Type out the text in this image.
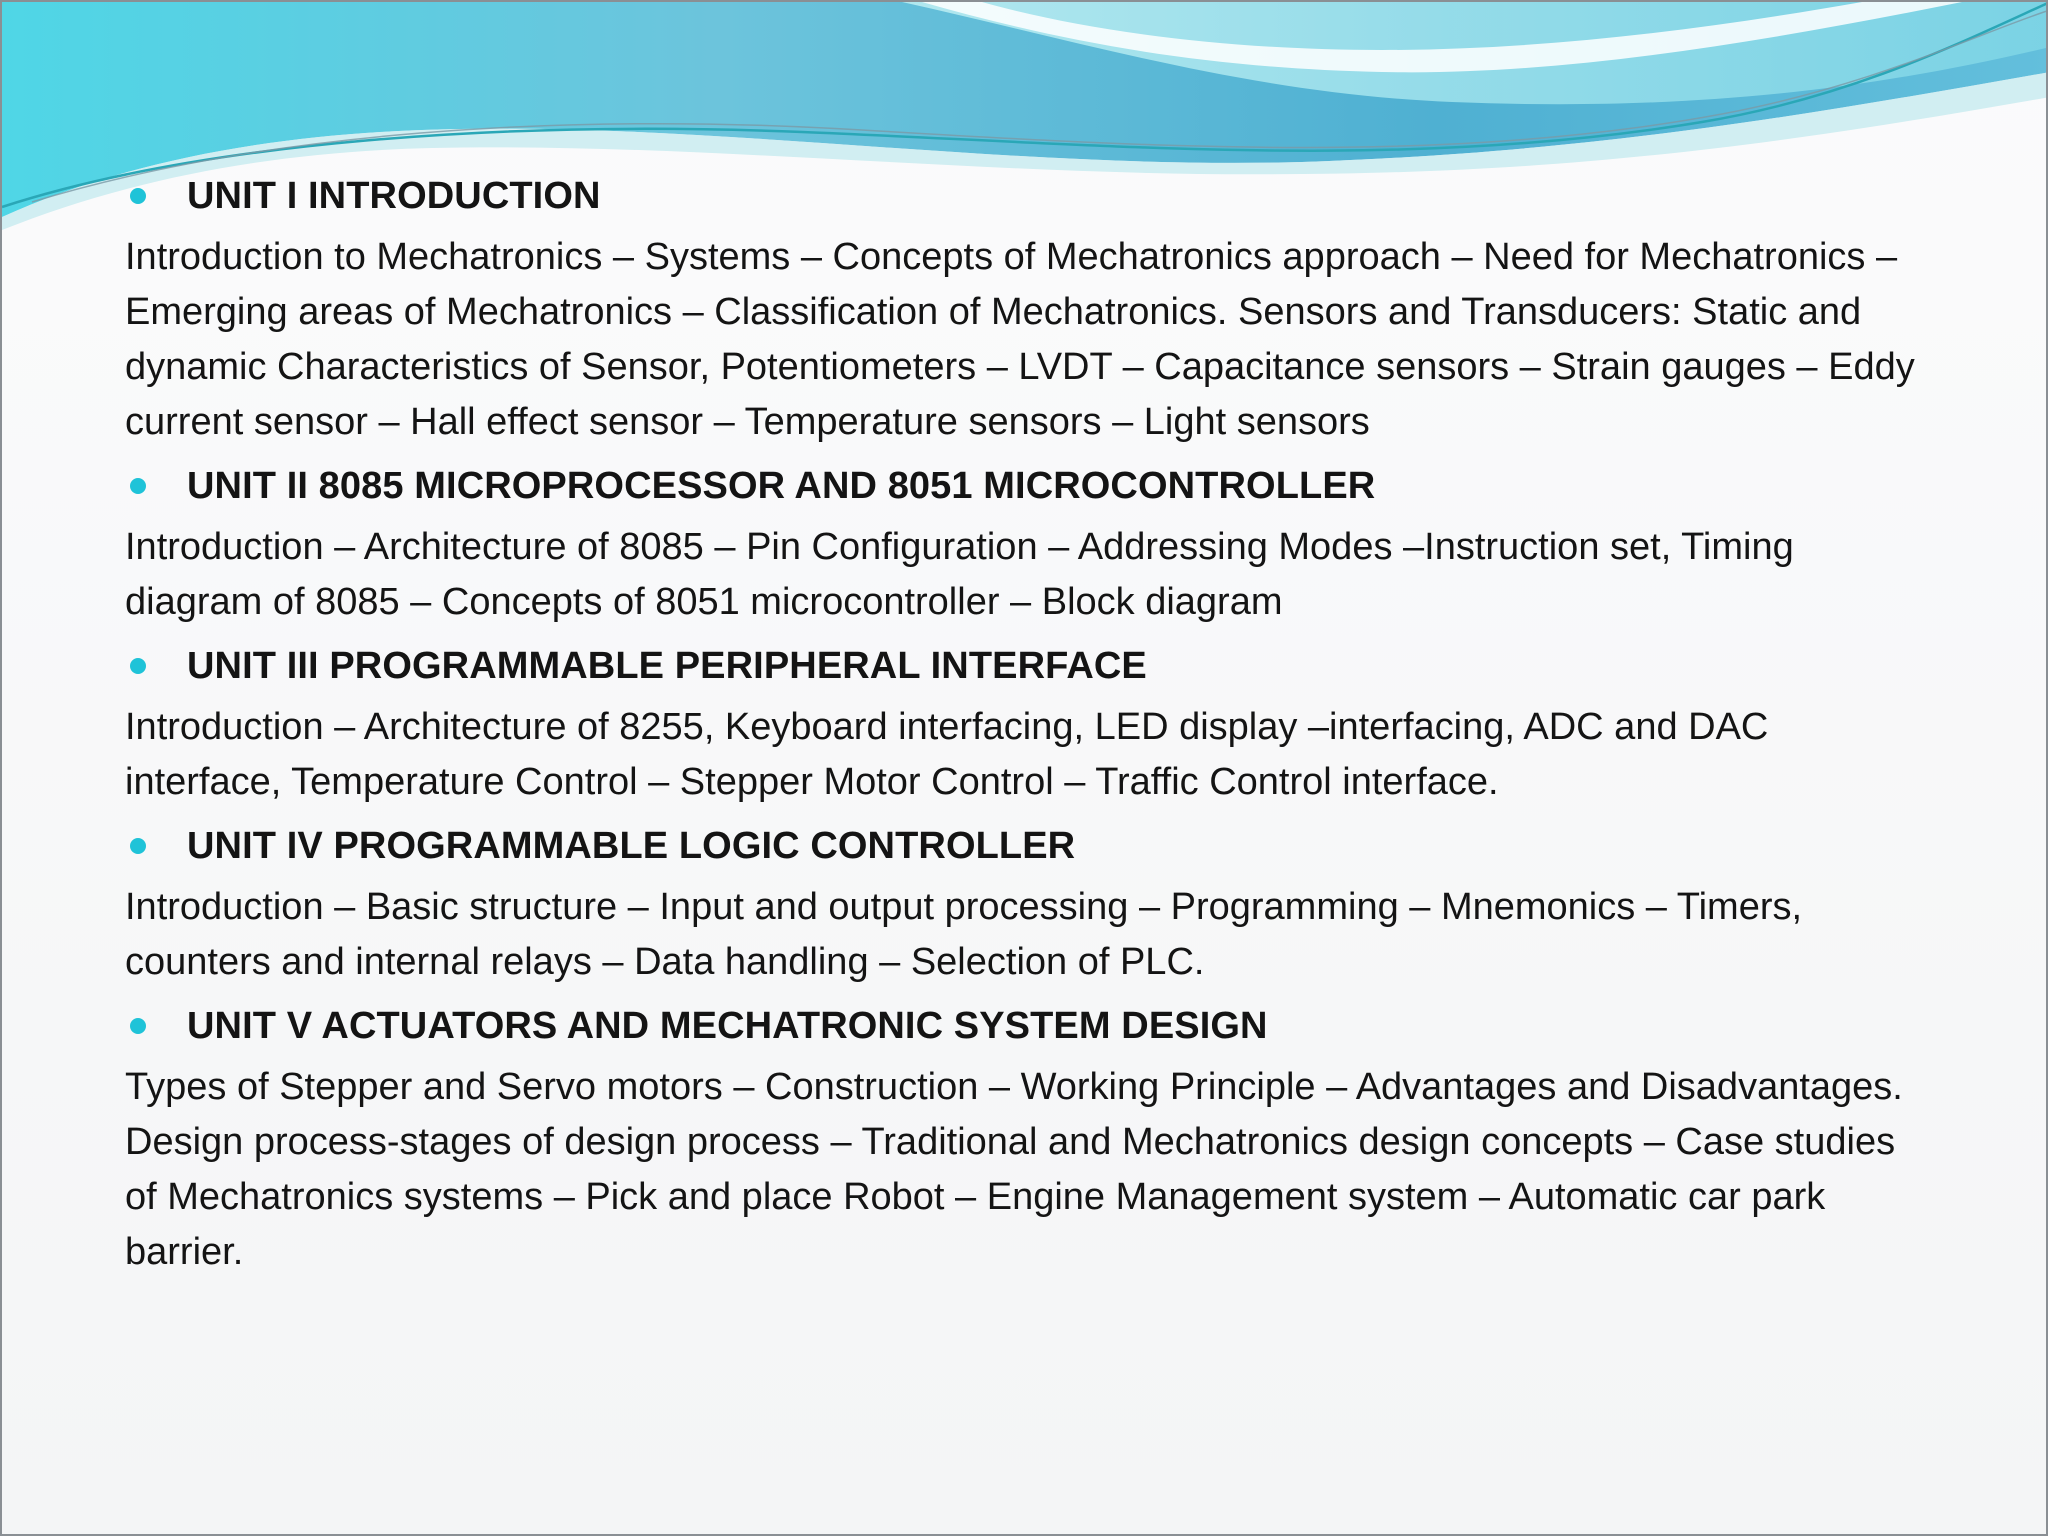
UNIT I INTRODUCTION
Introduction to Mechatronics – Systems – Concepts of Mechatronics approach – Need for Mechatronics – Emerging areas of Mechatronics – Classification of Mechatronics. Sensors and Transducers: Static and dynamic Characteristics of Sensor, Potentiometers – LVDT – Capacitance sensors – Strain gauges – Eddy current sensor – Hall effect sensor – Temperature sensors – Light sensors
UNIT II 8085 MICROPROCESSOR AND 8051 MICROCONTROLLER
Introduction – Architecture of 8085 – Pin Configuration – Addressing Modes –Instruction set, Timing diagram of 8085 – Concepts of 8051 microcontroller – Block diagram
UNIT III PROGRAMMABLE PERIPHERAL INTERFACE
Introduction – Architecture of 8255, Keyboard interfacing, LED display –interfacing, ADC and DAC interface, Temperature Control – Stepper Motor Control – Traffic Control interface.
UNIT IV PROGRAMMABLE LOGIC CONTROLLER
Introduction – Basic structure – Input and output processing – Programming – Mnemonics – Timers, counters and internal relays – Data handling – Selection of PLC.
UNIT V ACTUATORS AND MECHATRONIC SYSTEM DESIGN
Types of Stepper and Servo motors – Construction – Working Principle – Advantages and Disadvantages. Design process-stages of design process – Traditional and Mechatronics design concepts – Case studies of Mechatronics systems – Pick and place Robot – Engine Management system – Automatic car park barrier.
